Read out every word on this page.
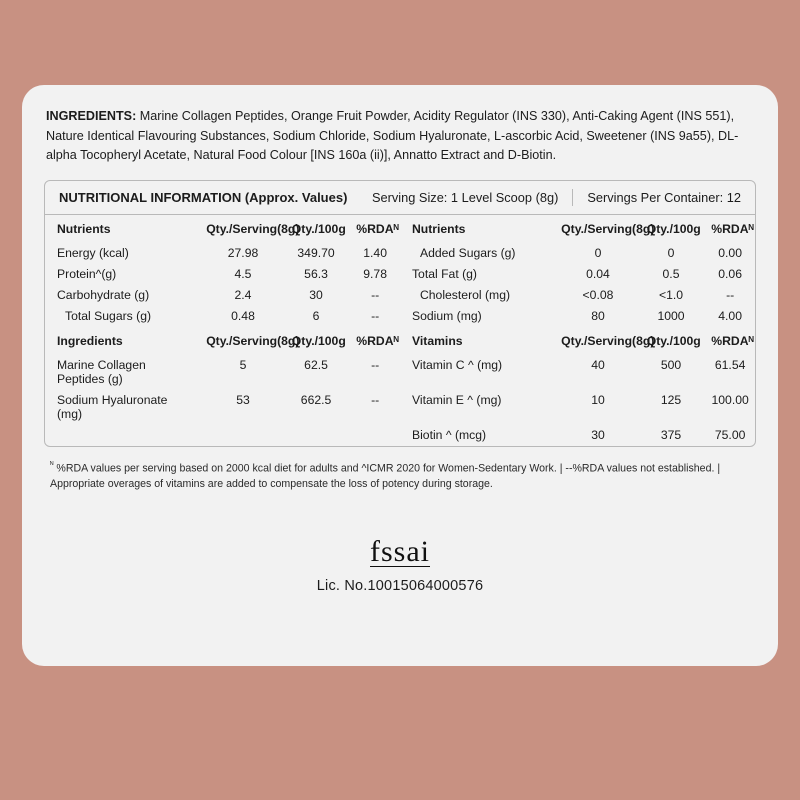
INGREDIENTS: Marine Collagen Peptides, Orange Fruit Powder, Acidity Regulator (INS 330), Anti-Caking Agent (INS 551), Nature Identical Flavouring Substances, Sodium Chloride, Sodium Hyaluronate, L-ascorbic Acid, Sweetener (INS 9a55), DL-alpha Tocopheryl Acetate, Natural Food Colour [INS 160a (ii)], Annatto Extract and D-Biotin.

NUTRITIONAL INFORMATION (Approx. Values)	Serving Size: 1 Level Scoop (8g)	Servings Per Container: 12
Nutrients	Qty./Serving(8g)	Qty./100g	%RDAᴺ	Nutrients	Qty./Serving(8g)	Qty./100g	%RDAᴺ
Energy (kcal)	27.98	349.70	1.40	Added Sugars (g)	0	0	0.00
Protein^(g)	4.5	56.3	9.78	Total Fat (g)	0.04	0.5	0.06
Carbohydrate (g)	2.4	30	--	Cholesterol (mg)	<0.08	<1.0	--
Total Sugars (g)	0.48	6	--	Sodium (mg)	80	1000	4.00
Ingredients	Qty./Serving(8g)	Qty./100g	%RDAᴺ	Vitamins	Qty./Serving(8g)	Qty./100g	%RDAᴺ
Marine Collagen Peptides (g)	5	62.5	--	Vitamin C ^ (mg)	40	500	61.54
Sodium Hyaluronate (mg)	53	662.5	--	Vitamin E ^ (mg)	10	125	100.00
				Biotin ^ (mcg)	30	375	75.00
$^ᴺ$ %RDA values per serving based on 2000 kcal diet for adults and ^ICMR 2020 for Women-Sedentary Work. | --%RDA values not established. |
Appropriate overages of vitamins are added to compensate the loss of potency during storage.
fssai
Lic. No.10015064000576
